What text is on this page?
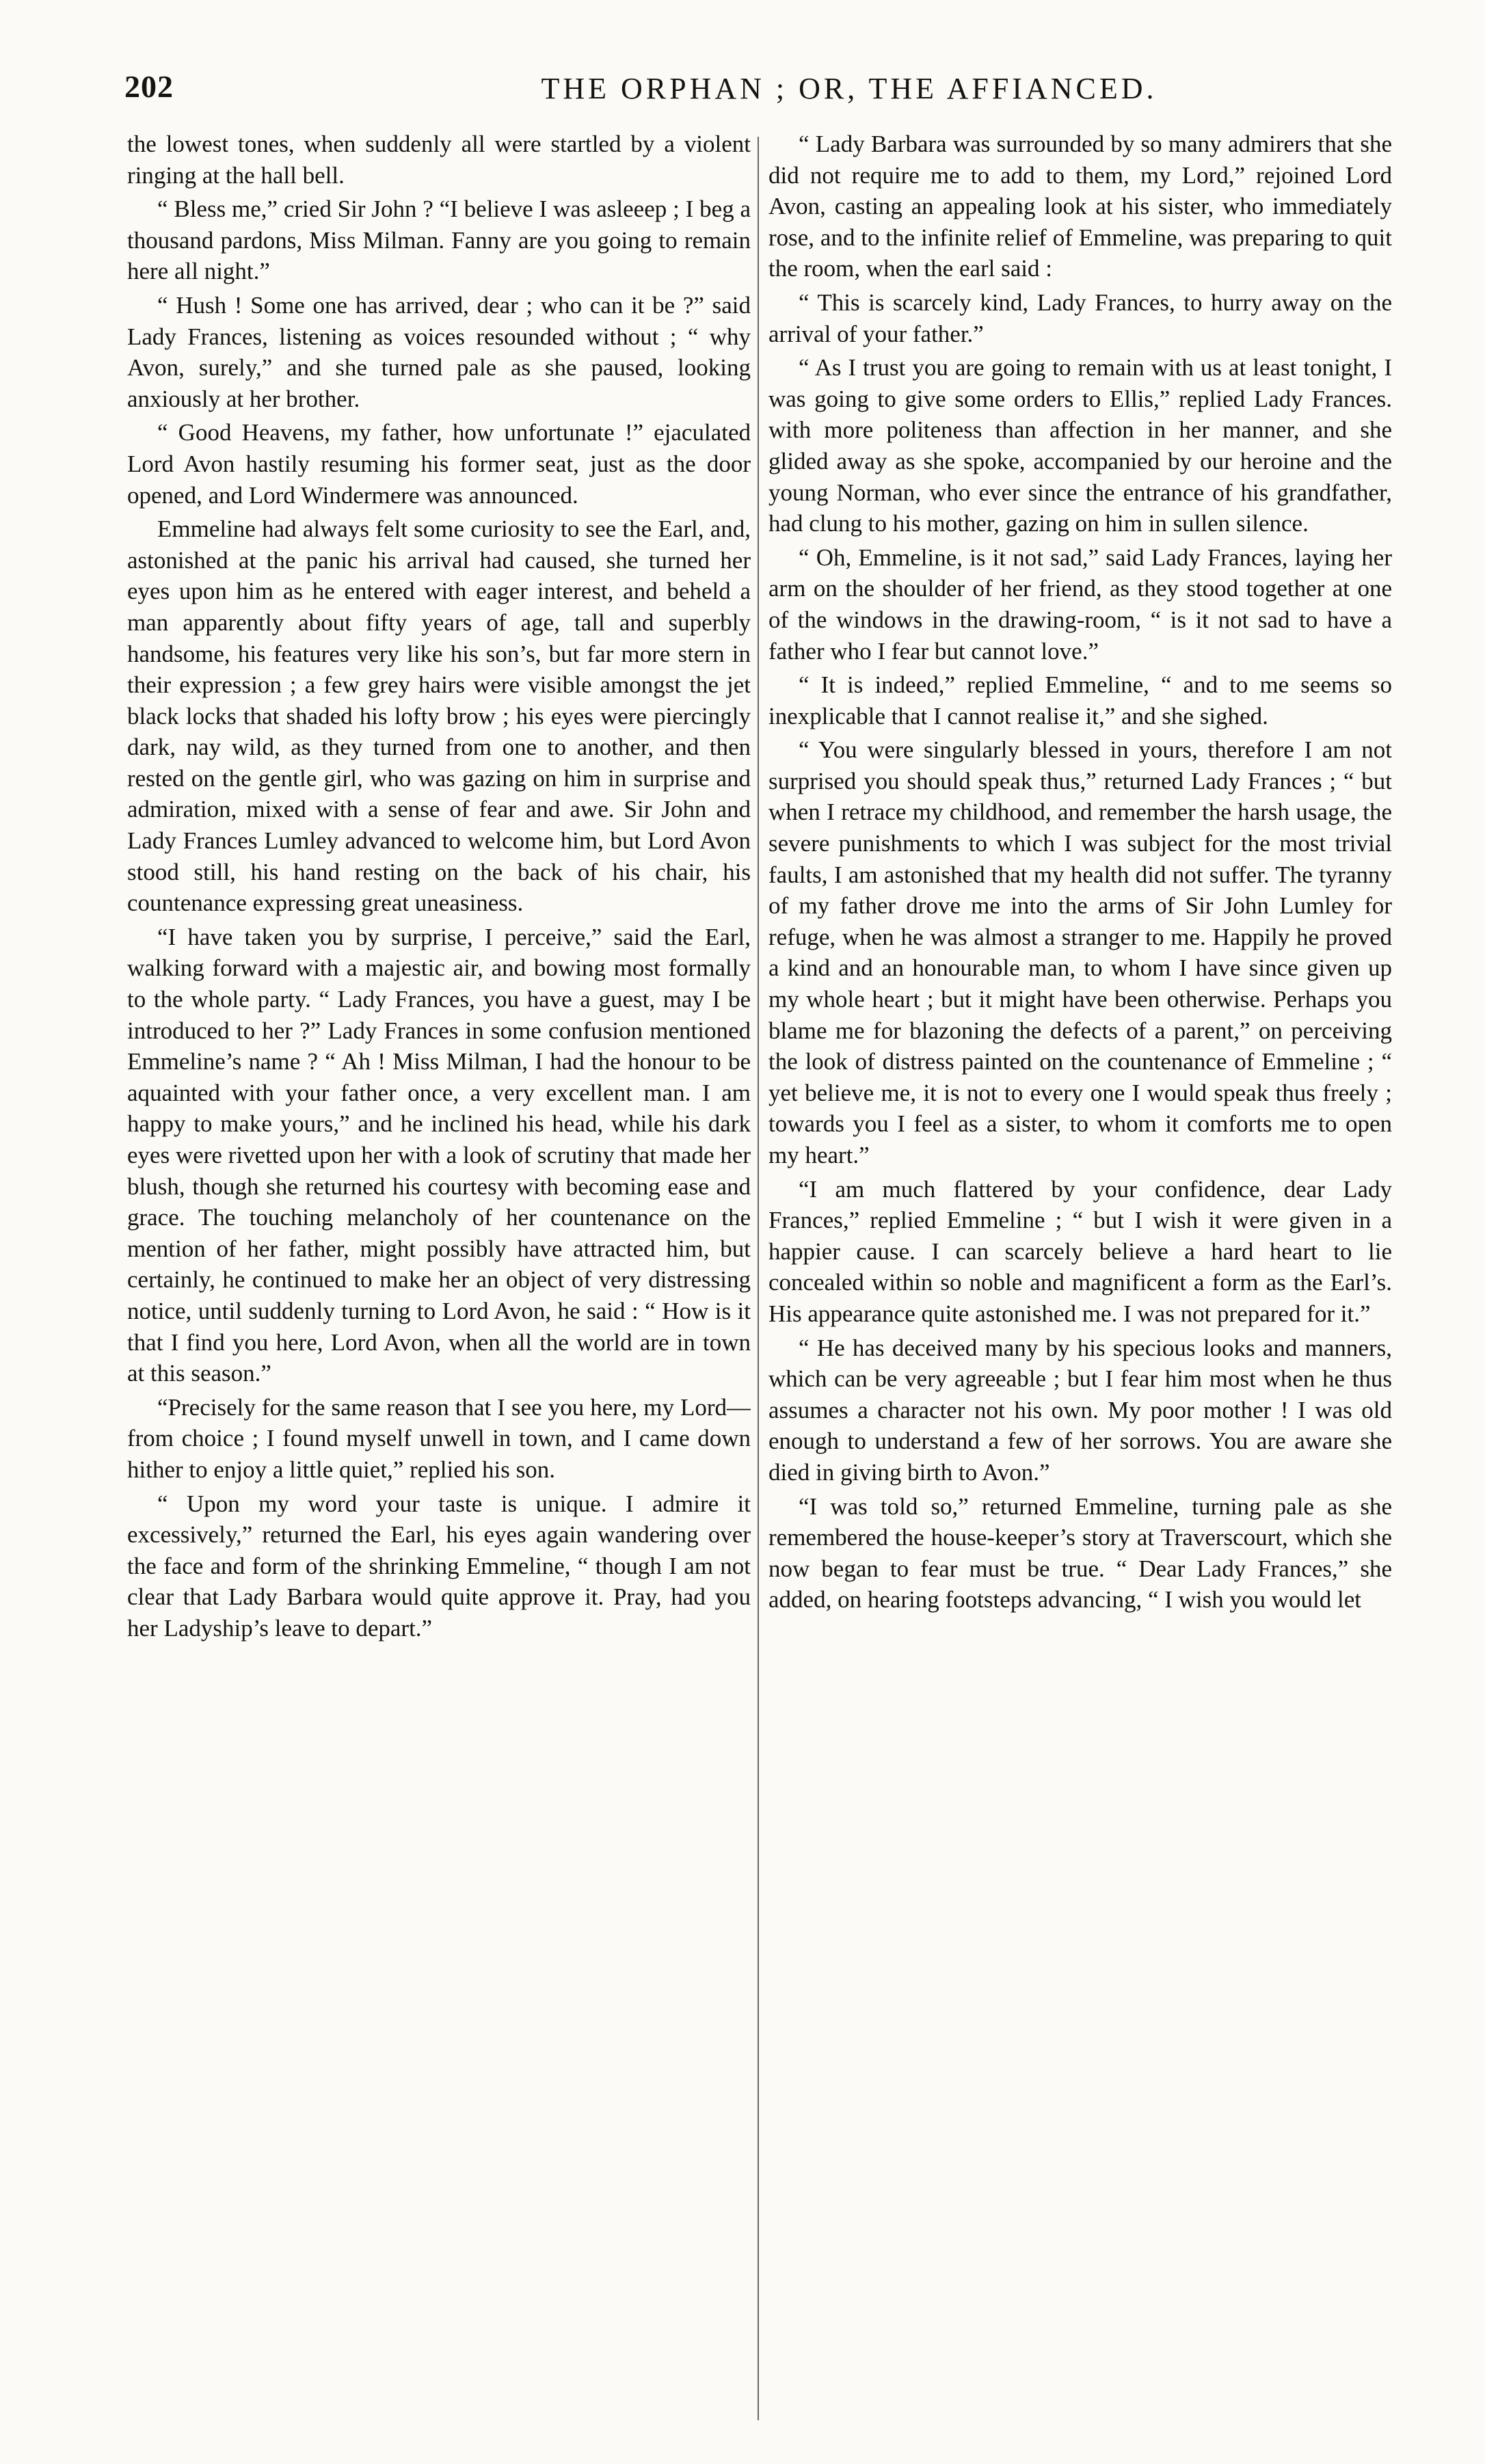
202	THE ORPHAN ; OR, THE AFFIANCED.

the lowest tones, when suddenly all were startled by a violent ringing at the hall bell.

“ Bless me,” cried Sir John ? “I believe I was asleeep ; I beg a thousand pardons, Miss Milman. Fanny are you going to remain here all night.”

“ Hush ! Some one has arrived, dear ; who can it be ?” said Lady Frances, listening as voices resounded without ; “ why Avon, surely,” and she turned pale as she paused, looking anxiously at her brother.

“ Good Heavens, my father, how unfortunate !” ejaculated Lord Avon hastily resuming his former seat, just as the door opened, and Lord Windermere was announced.

Emmeline had always felt some curiosity to see the Earl, and, astonished at the panic his arrival had caused, she turned her eyes upon him as he entered with eager interest, and beheld a man apparently about fifty years of age, tall and superbly handsome, his features very like his son’s, but far more stern in their expression ; a few grey hairs were visible amongst the jet black locks that shaded his lofty brow ; his eyes were piercingly dark, nay wild, as they turned from one to another, and then rested on the gentle girl, who was gazing on him in surprise and admiration, mixed with a sense of fear and awe. Sir John and Lady Frances Lumley advanced to welcome him, but Lord Avon stood still, his hand resting on the back of his chair, his countenance expressing great uneasiness.

“I have taken you by surprise, I perceive,” said the Earl, walking forward with a majestic air, and bowing most formally to the whole party. “ Lady Frances, you have a guest, may I be introduced to her ?” Lady Frances in some confusion mentioned Emmeline’s name ? “ Ah ! Miss Milman, I had the honour to be aquainted with your father once, a very excellent man. I am happy to make yours,” and he inclined his head, while his dark eyes were rivetted upon her with a look of scrutiny that made her blush, though she returned his courtesy with becoming ease and grace. The touching melancholy of her countenance on the mention of her father, might possibly have attracted him, but certainly, he continued to make her an object of very distressing notice, until suddenly turning to Lord Avon, he said : “ How is it that I find you here, Lord Avon, when all the world are in town at this season.”

“Precisely for the same reason that I see you here, my Lord—from choice ; I found myself unwell in town, and I came down hither to enjoy a little quiet,” replied his son.

“ Upon my word your taste is unique. I admire it excessively,” returned the Earl, his eyes again wandering over the face and form of the shrinking Emmeline, “ though I am not clear that Lady Barbara would quite approve it. Pray, had you her Ladyship’s leave to depart.”

“ Lady Barbara was surrounded by so many admirers that she did not require me to add to them, my Lord,” rejoined Lord Avon, casting an appealing look at his sister, who immediately rose, and to the infinite relief of Emmeline, was preparing to quit the room, when the earl said :

“ This is scarcely kind, Lady Frances, to hurry away on the arrival of your father.”

“ As I trust you are going to remain with us at least tonight, I was going to give some orders to Ellis,” replied Lady Frances. with more politeness than affection in her manner, and she glided away as she spoke, accompanied by our heroine and the young Norman, who ever since the entrance of his grandfather, had clung to his mother, gazing on him in sullen silence.

“ Oh, Emmeline, is it not sad,” said Lady Frances, laying her arm on the shoulder of her friend, as they stood together at one of the windows in the drawing-room, “ is it not sad to have a father who I fear but cannot love.”

“ It is indeed,” replied Emmeline, “ and to me seems so inexplicable that I cannot realise it,” and she sighed.

“ You were singularly blessed in yours, therefore I am not surprised you should speak thus,” returned Lady Frances ; “ but when I retrace my childhood, and remember the harsh usage, the severe punishments to which I was subject for the most trivial faults, I am astonished that my health did not suffer. The tyranny of my father drove me into the arms of Sir John Lumley for refuge, when he was almost a stranger to me. Happily he proved a kind and an honourable man, to whom I have since given up my whole heart ; but it might have been otherwise. Perhaps you blame me for blazoning the defects of a parent,” on perceiving the look of distress painted on the countenance of Emmeline ; “ yet believe me, it is not to every one I would speak thus freely ; towards you I feel as a sister, to whom it comforts me to open my heart.”

“I am much flattered by your confidence, dear Lady Frances,” replied Emmeline ; “ but I wish it were given in a happier cause. I can scarcely believe a hard heart to lie concealed within so noble and magnificent a form as the Earl’s. His appearance quite astonished me. I was not prepared for it.”

“ He has deceived many by his specious looks and manners, which can be very agreeable ; but I fear him most when he thus assumes a character not his own. My poor mother ! I was old enough to understand a few of her sorrows. You are aware she died in giving birth to Avon.”

“I was told so,” returned Emmeline, turning pale as she remembered the house-keeper’s story at Traverscourt, which she now began to fear must be true. “ Dear Lady Frances,” she added, on hearing footsteps advancing, “ I wish you would let
